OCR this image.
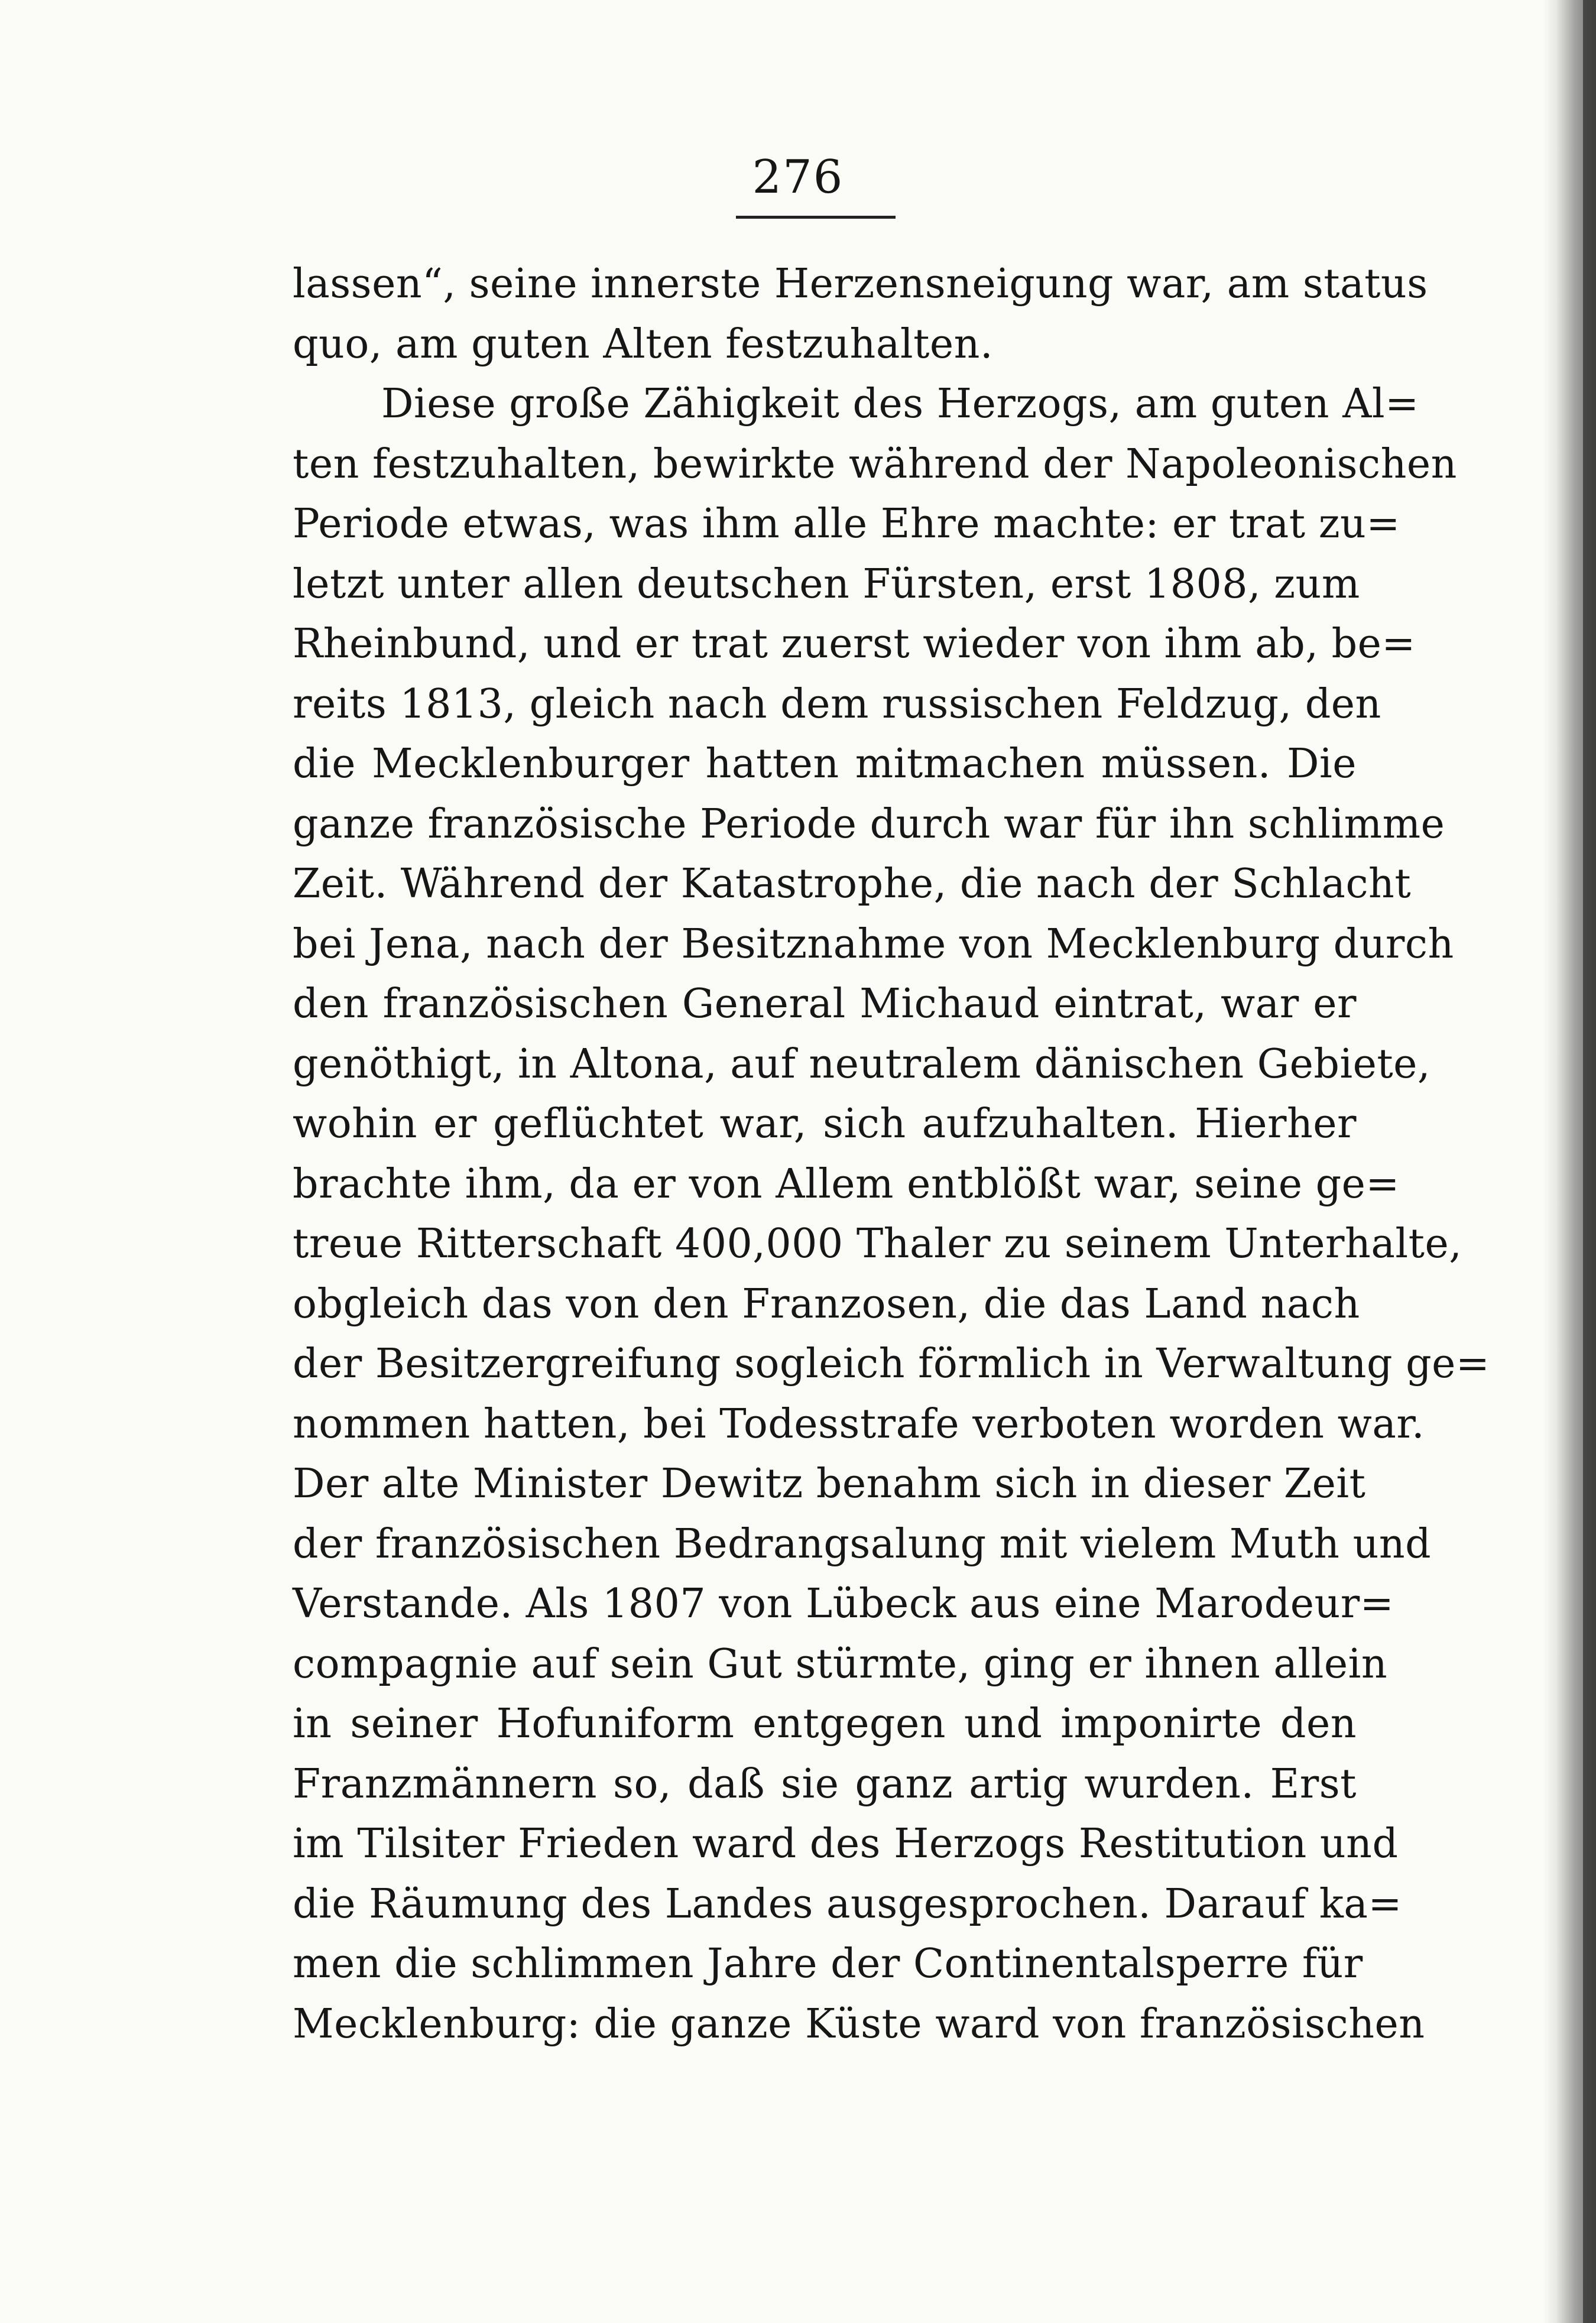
276
lassen“, seine innerste Herzensneigung war, am status
quo, am guten Alten festzuhalten.
Diese große Zähigkeit des Herzogs, am guten Al=
ten festzuhalten, bewirkte während der Napoleonischen
Periode etwas, was ihm alle Ehre machte: er trat zu=
letzt unter allen deutschen Fürsten, erst 1808, zum
Rheinbund, und er trat zuerst wieder von ihm ab, be=
reits 1813, gleich nach dem russischen Feldzug, den
die Mecklenburger hatten mitmachen müssen. Die
ganze französische Periode durch war für ihn schlimme
Zeit. Während der Katastrophe, die nach der Schlacht
bei Jena, nach der Besitznahme von Mecklenburg durch
den französischen General Michaud eintrat, war er
genöthigt, in Altona, auf neutralem dänischen Gebiete,
wohin er geflüchtet war, sich aufzuhalten. Hierher
brachte ihm, da er von Allem entblößt war, seine ge=
treue Ritterschaft 400,000 Thaler zu seinem Unterhalte,
obgleich das von den Franzosen, die das Land nach
der Besitzergreifung sogleich förmlich in Verwaltung ge=
nommen hatten, bei Todesstrafe verboten worden war.
Der alte Minister Dewitz benahm sich in dieser Zeit
der französischen Bedrangsalung mit vielem Muth und
Verstande. Als 1807 von Lübeck aus eine Marodeur=
compagnie auf sein Gut stürmte, ging er ihnen allein
in seiner Hofuniform entgegen und imponirte den
Franzmännern so, daß sie ganz artig wurden. Erst
im Tilsiter Frieden ward des Herzogs Restitution und
die Räumung des Landes ausgesprochen. Darauf ka=
men die schlimmen Jahre der Continentalsperre für
Mecklenburg: die ganze Küste ward von französischen
